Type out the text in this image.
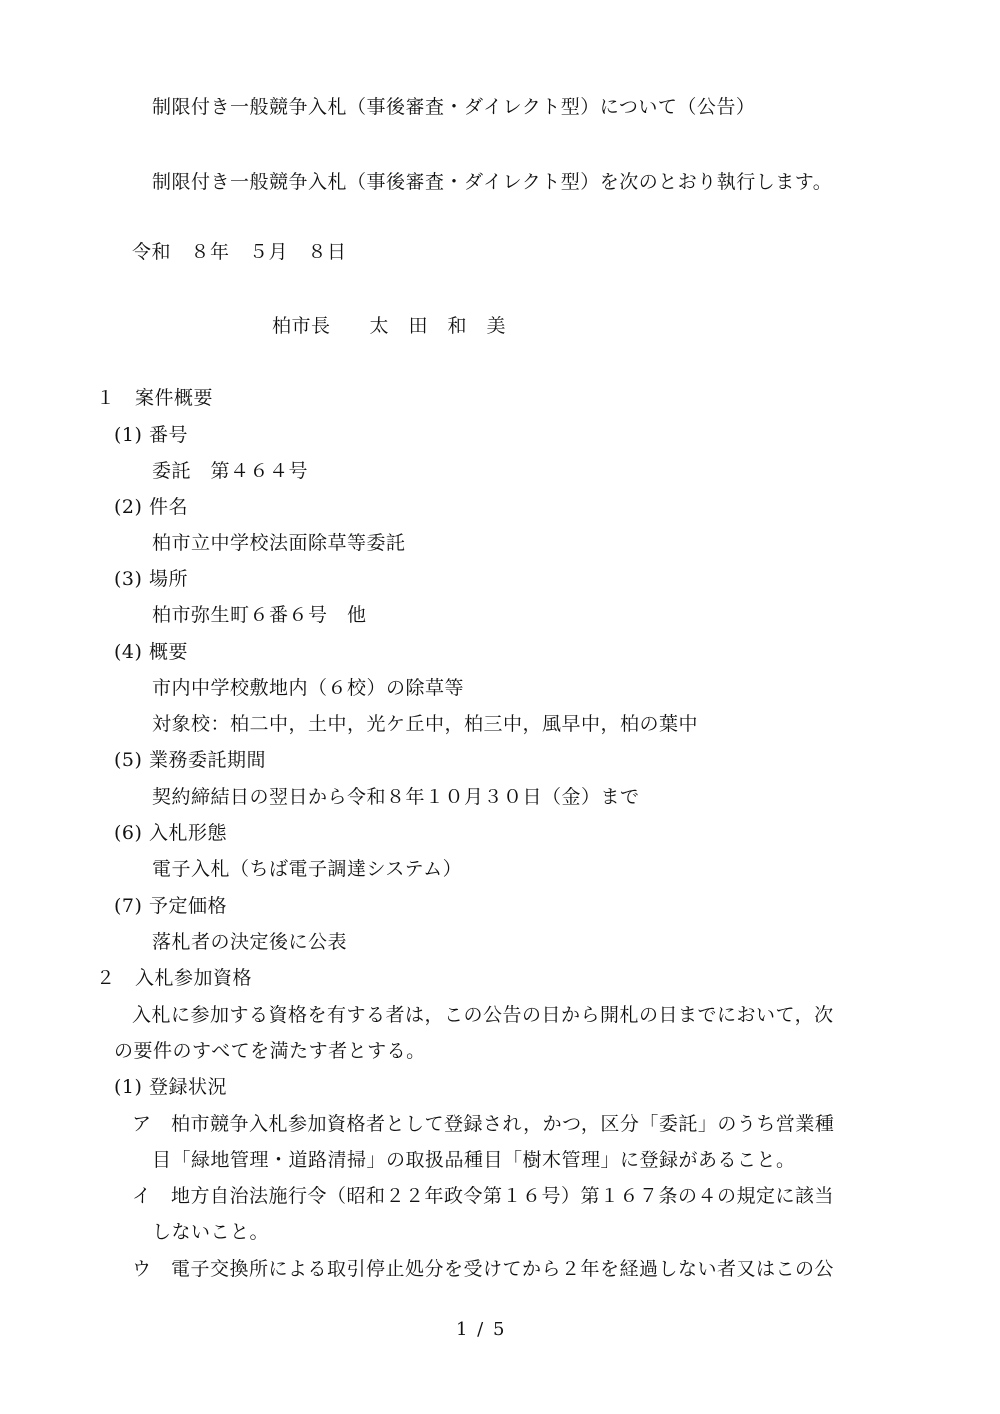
制限付き一般競争入札（事後審査・ダイレクト型）について（公告）
制限付き一般競争入札（事後審査・ダイレクト型）を次のとおり執行します。
令和　８年　５月　８日
柏市長　　太　田　和　美
１　案件概要
(1) 番号
委託　第４６４号
(2) 件名
柏市立中学校法面除草等委託
(3) 場所
柏市弥生町６番６号　他
(4) 概要
市内中学校敷地内（６校）の除草等
対象校：柏二中，土中，光ケ丘中，柏三中，風早中，柏の葉中
(5) 業務委託期間
契約締結日の翌日から令和８年１０月３０日（金）まで
(6) 入札形態
電子入札（ちば電子調達システム）
(7) 予定価格
落札者の決定後に公表
２　入札参加資格
入札に参加する資格を有する者は，この公告の日から開札の日までにおいて，次
の要件のすべてを満たす者とする。
(1) 登録状況
ア　柏市競争入札参加資格者として登録され，かつ，区分「委託」のうち営業種
目「緑地管理・道路清掃」の取扱品種目「樹木管理」に登録があること。
イ　地方自治法施行令（昭和２２年政令第１６号）第１６７条の４の規定に該当
しないこと。
ウ　電子交換所による取引停止処分を受けてから２年を経過しない者又はこの公
1 / 5
